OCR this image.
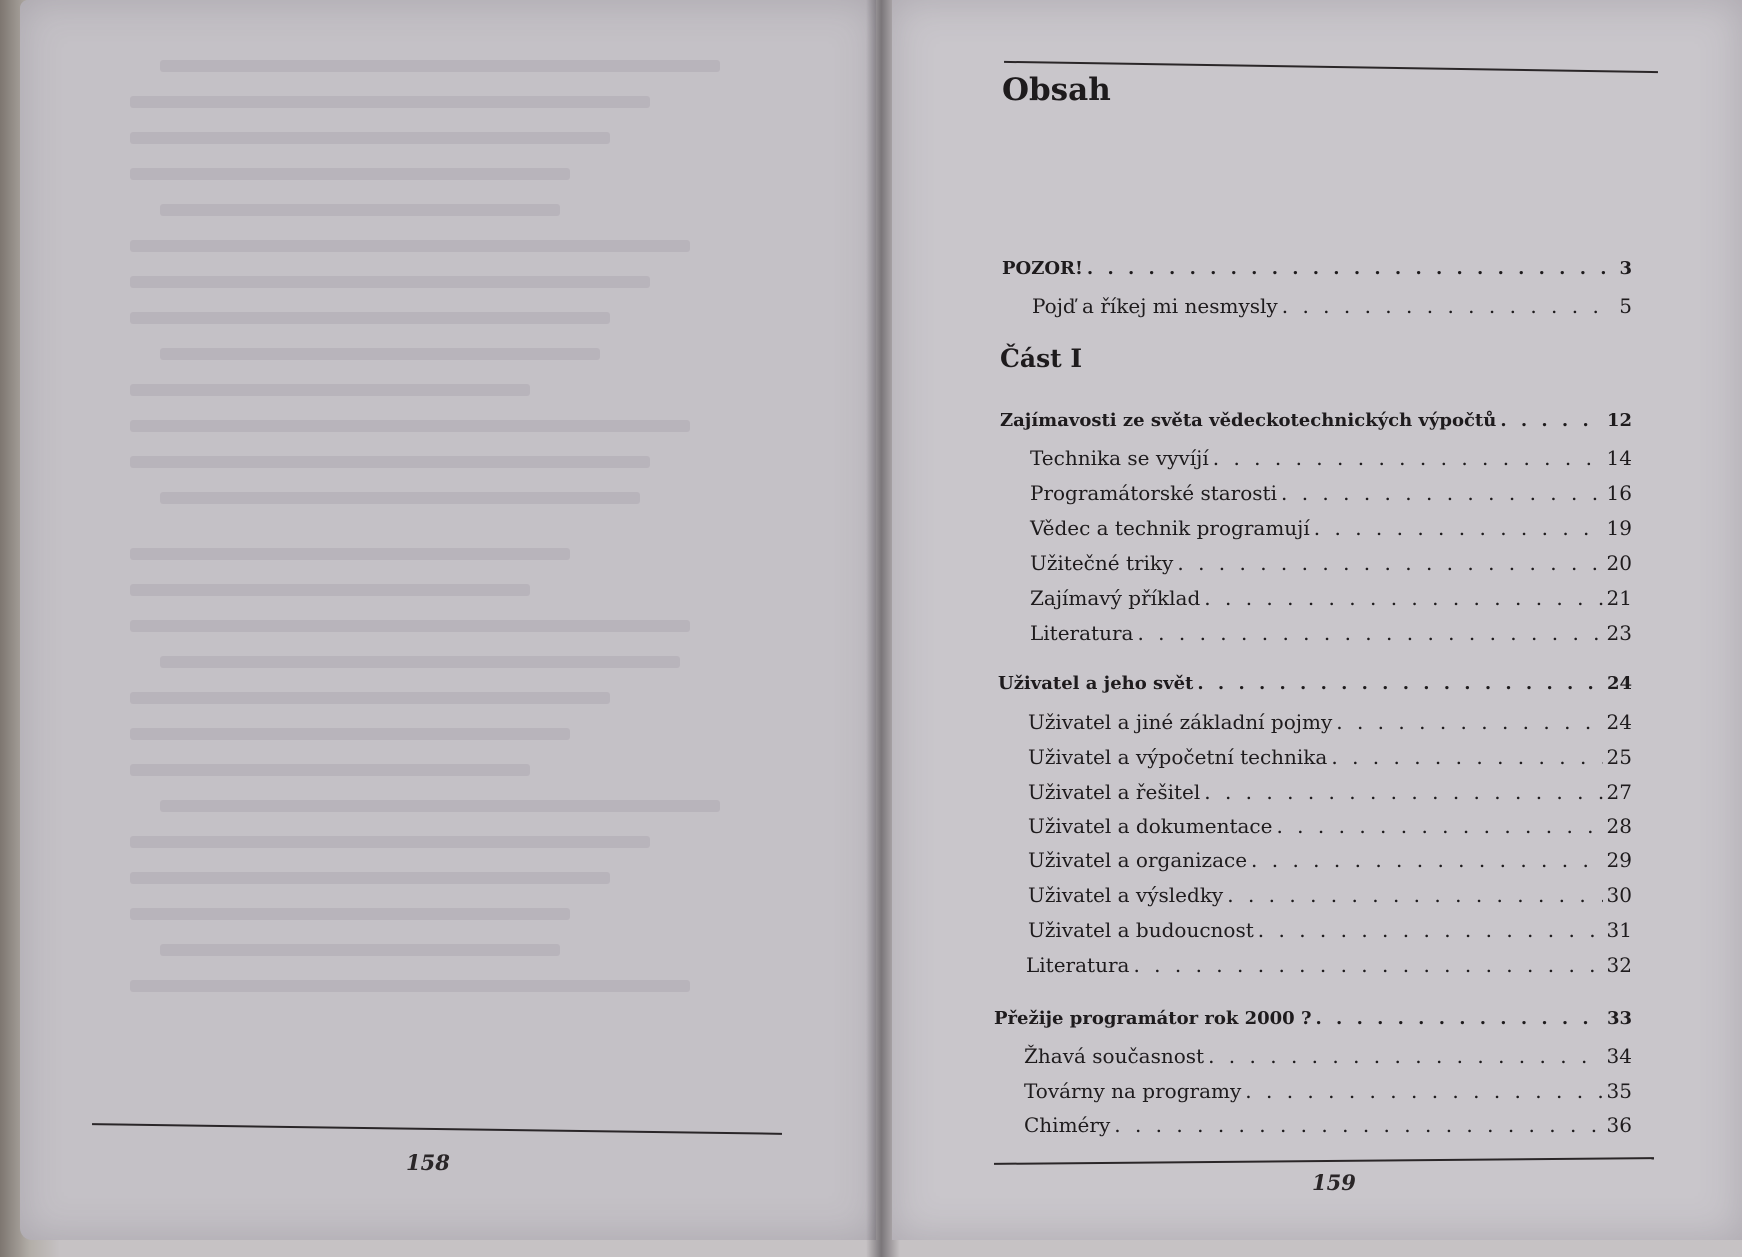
158
Obsah
POZOR! . . .	3
Pojď a říkej mi nesmysly . . .	5
Část I
Zajímavosti ze světa vědeckotechnických výpočtů . . .	12
Technika se vyvíjí . . .	14
Programátorské starosti . . .	16
Vědec a technik programují . . .	19
Užitečné triky . . .	20
Zajímavý příklad . . .	21
Literatura . . .	23
Uživatel a jeho svět . . .	24
Uživatel a jiné základní pojmy . . .	24
Uživatel a výpočetní technika . . .	25
Uživatel a řešitel . . .	27
Uživatel a dokumentace . . .	28
Uživatel a organizace . . .	29
Uživatel a výsledky . . .	30
Uživatel a budoucnost . . .	31
Literatura . . .	32
Přežije programátor rok 2000 ? . . .	33
Žhavá současnost . . .	34
Továrny na programy . . .	35
Chiméry . . .	36
159
